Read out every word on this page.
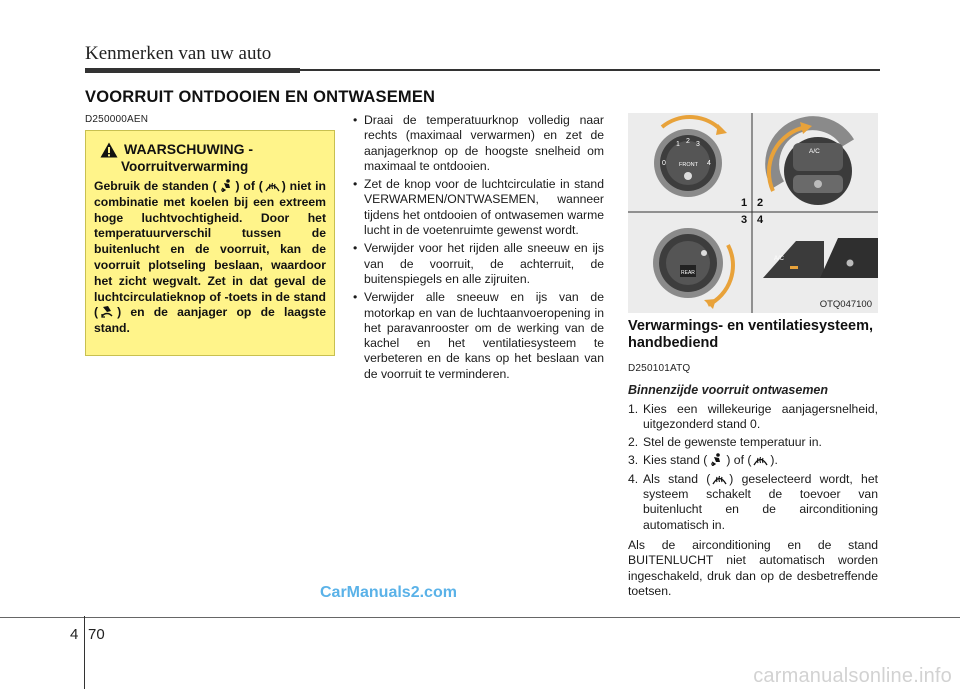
Kenmerken van uw auto
VOORRUIT ONTDOOIEN EN ONTWASEMEN
D250000AEN
WAARSCHUWING -
Voorruitverwarming
Gebruik de standen ( ) of ( ) niet in combinatie met koelen bij een extreem hoge luchtvochtigheid. Door het temperatuurverschil tussen de buitenlucht en de voorruit, kan de voorruit plotseling beslaan, waardoor het zicht wegvalt. Zet in dat geval de luchtcirculatieknop of -toets in de stand ( ) en de aanjager op de laagste stand.
• Draai de temperatuurknop volledig naar rechts (maximaal verwarmen) en zet de aanjagerknop op de hoogste snelheid om maximaal te ontdooien.
• Zet de knop voor de luchtcirculatie in stand VERWARMEN/ONTWASEMEN, wanneer tijdens het ontdooien of ontwasemen warme lucht in de voetenruimte gewenst wordt.
• Verwijder voor het rijden alle sneeuw en ijs van de voorruit, de achterruit, de buitenspiegels en alle zijruiten.
• Verwijder alle sneeuw en ijs van de motorkap en van de luchtaanvoeropening in het paravanrooster om de werking van de kachel en het ventilatiesysteem te verbeteren en de kans op het beslaan van de voorruit te verminderen.
0
1 2 3
4
FRONT
A/C
REAR
A/C
1 2
3 4
OTQ047100
Verwarmings- en ventilatiesysteem, handbediend
D250101ATQ
Binnenzijde voorruit ontwasemen
1. Kies een willekeurige aanjagersnelheid, uitgezonderd stand 0.
2. Stel de gewenste temperatuur in.
3. Kies stand ( ) of ( ).
4. Als stand ( ) geselecteerd wordt, het systeem schakelt de toevoer van buitenlucht en de airconditioning automatisch in.
Als de airconditioning en de stand BUITENLUCHT niet automatisch worden ingeschakeld, druk dan op de desbetreffende toetsen.
CarManuals2.com
4 70
carmanualsonline.info
